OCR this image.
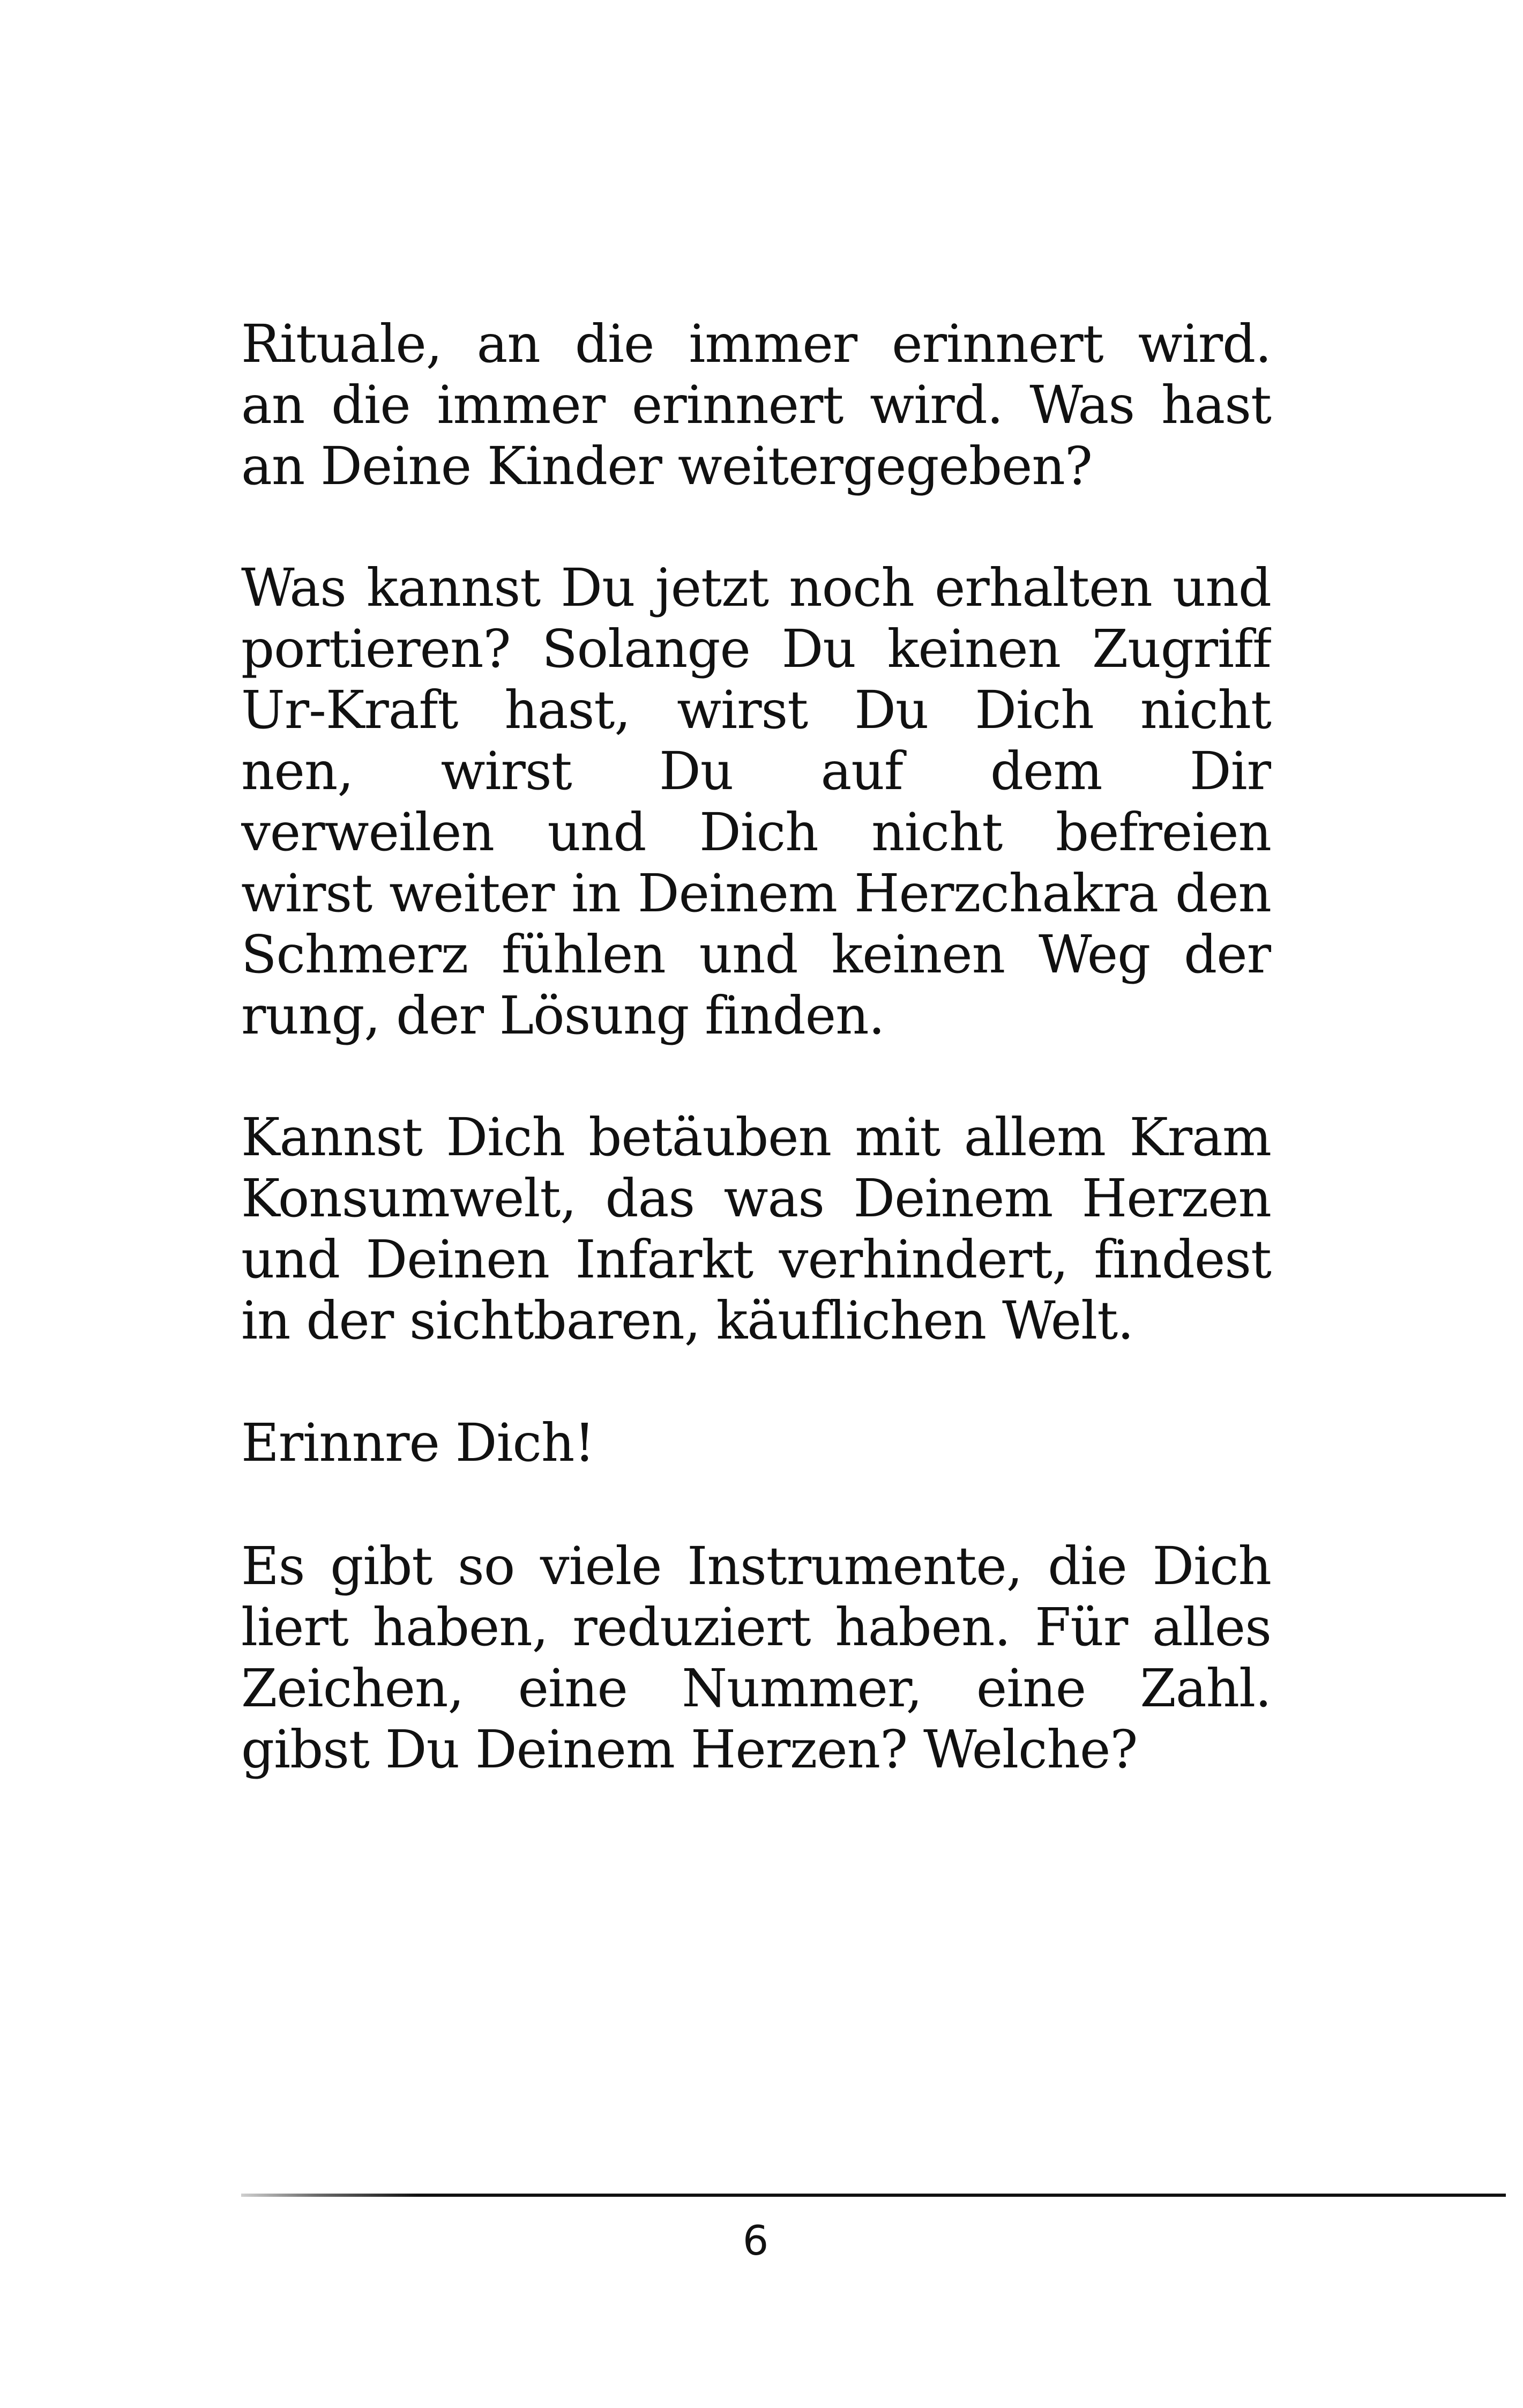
Rituale, an die immer erinnert wird.
an die immer erinnert wird. Was hast
an Deine Kinder weitergegeben?
Was kannst Du jetzt noch erhalten und
portieren? Solange Du keinen Zugriff
Ur-Kraft hast, wirst Du Dich nicht
nen, wirst Du auf dem Dir
verweilen und Dich nicht befreien
wirst weiter in Deinem Herzchakra den
Schmerz fühlen und keinen Weg der
rung, der Lösung finden.
Kannst Dich betäuben mit allem Kram
Konsumwelt, das was Deinem Herzen
und Deinen Infarkt verhindert, findest
in der sichtbaren, käuflichen Welt.
Erinnre Dich!
Es gibt so viele Instrumente, die Dich
liert haben, reduziert haben. Für alles
Zeichen, eine Nummer, eine Zahl.
gibst Du Deinem Herzen? Welche?
6
